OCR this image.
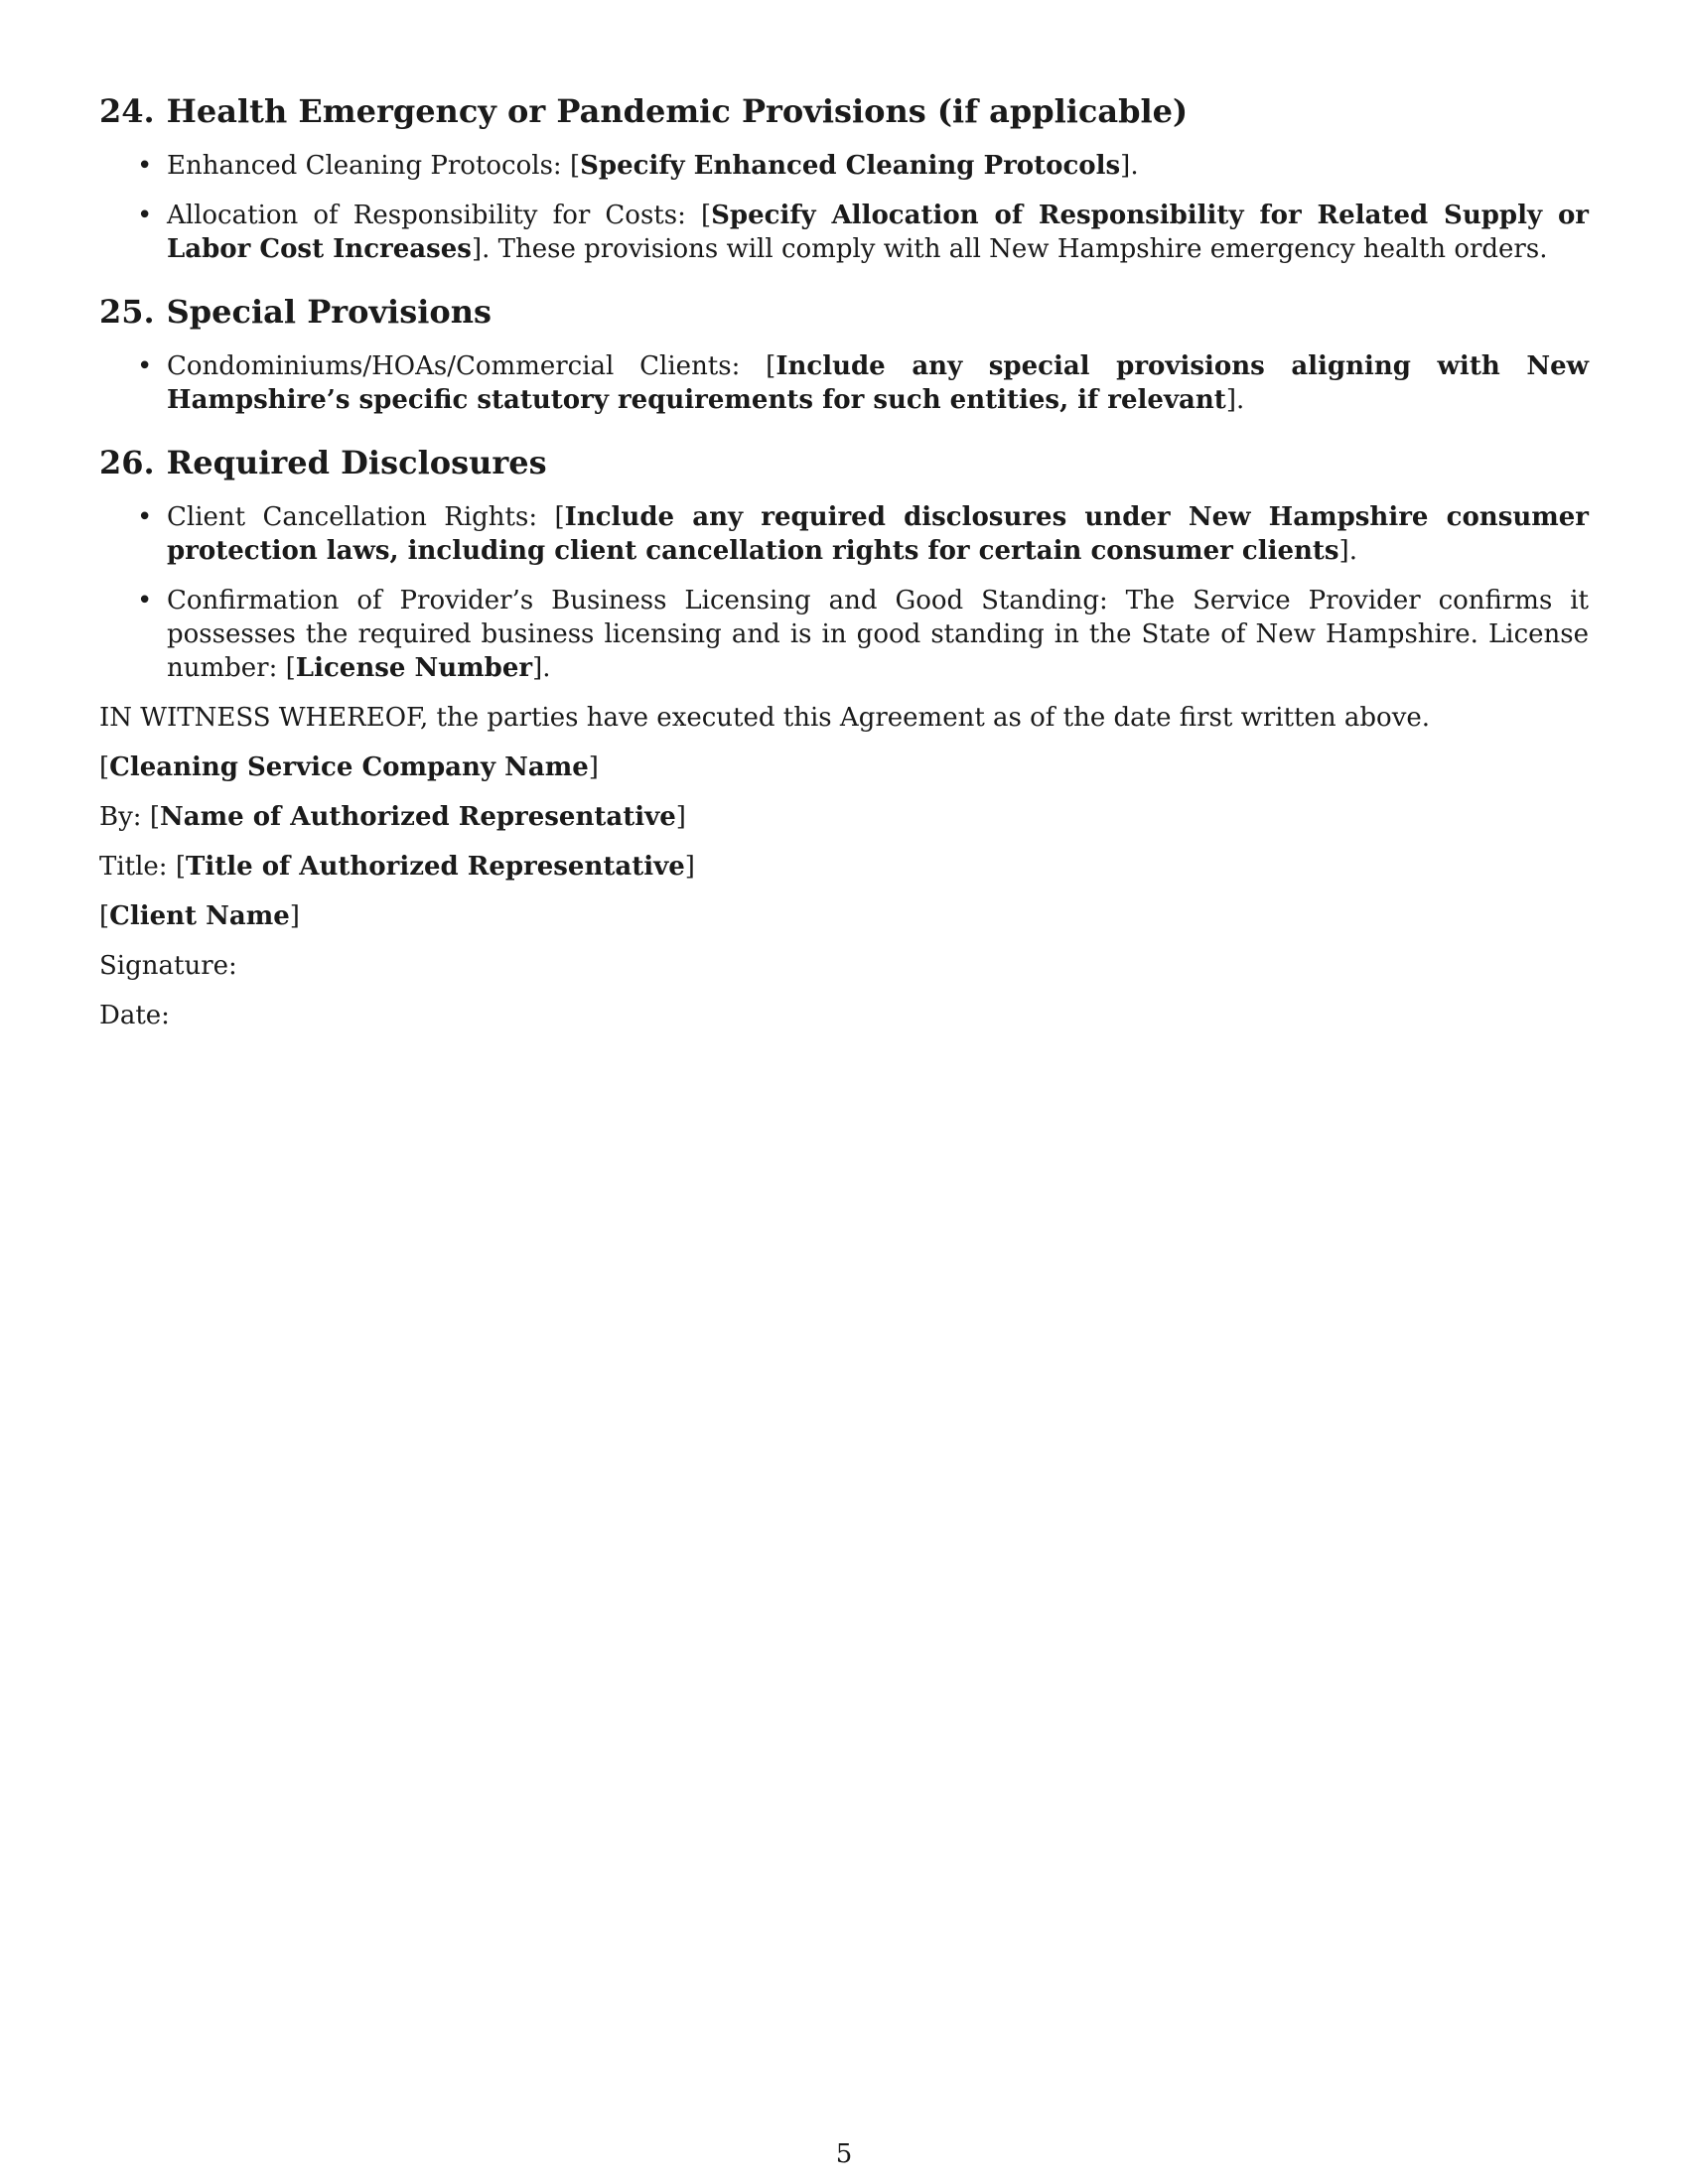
24. Health Emergency or Pandemic Provisions (if applicable)
• Enhanced Cleaning Protocols: [Specify Enhanced Cleaning Protocols].
• Allocation of Responsibility for Costs: [Specify Allocation of Responsibility for Related Supply or Labor Cost Increases]. These provisions will comply with all New Hampshire emergency health orders.
25. Special Provisions
• Condominiums/HOAs/Commercial Clients: [Include any special provisions aligning with New Hampshire’s specific statutory requirements for such entities, if relevant].
26. Required Disclosures
• Client Cancellation Rights: [Include any required disclosures under New Hampshire consumer protection laws, including client cancellation rights for certain consumer clients].
• Confirmation of Provider’s Business Licensing and Good Standing: The Service Provider confirms it possesses the required business licensing and is in good standing in the State of New Hampshire. License number: [License Number].

IN WITNESS WHEREOF, the parties have executed this Agreement as of the date first written above.

[Cleaning Service Company Name]

By: [Name of Authorized Representative]

Title: [Title of Authorized Representative]

[Client Name]

Signature:

Date:

5
